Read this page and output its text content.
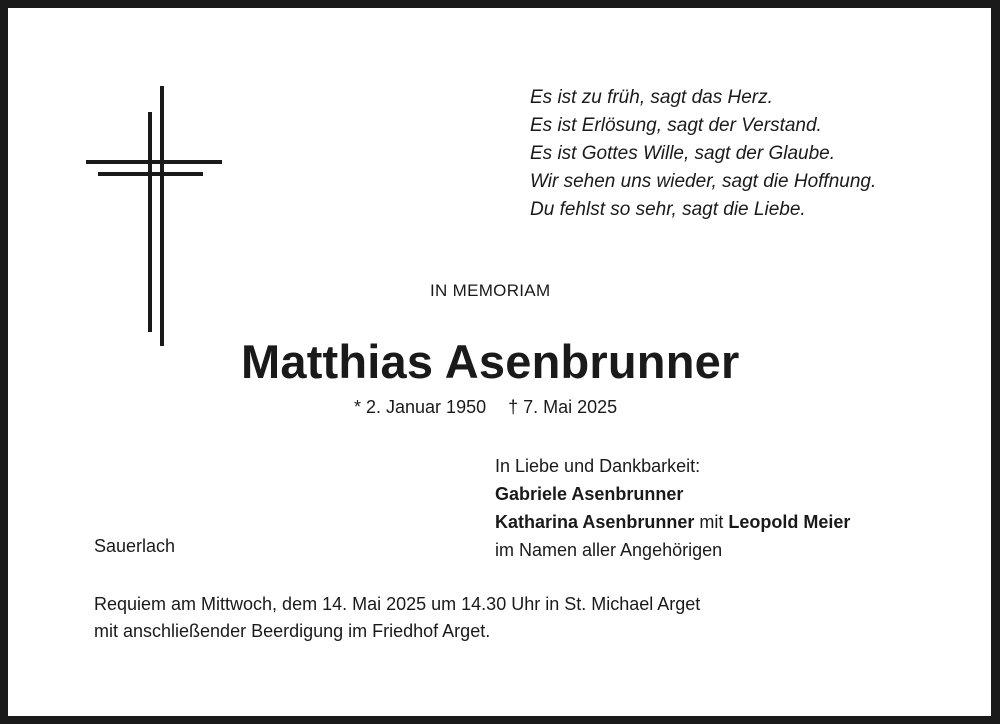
Es ist zu früh, sagt das Herz.
Es ist Erlösung, sagt der Verstand.
Es ist Gottes Wille, sagt der Glaube.
Wir sehen uns wieder, sagt die Hoffnung.
Du fehlst so sehr, sagt die Liebe.
IN MEMORIAM
Matthias Asenbrunner
* 2. Januar 1950 † 7. Mai 2025
In Liebe und Dankbarkeit:
Gabriele Asenbrunner
Katharina Asenbrunner mit Leopold Meier
im Namen aller Angehörigen
Sauerlach
Requiem am Mittwoch, dem 14. Mai 2025 um 14.30 Uhr in St. Michael Arget
mit anschließender Beerdigung im Friedhof Arget.
